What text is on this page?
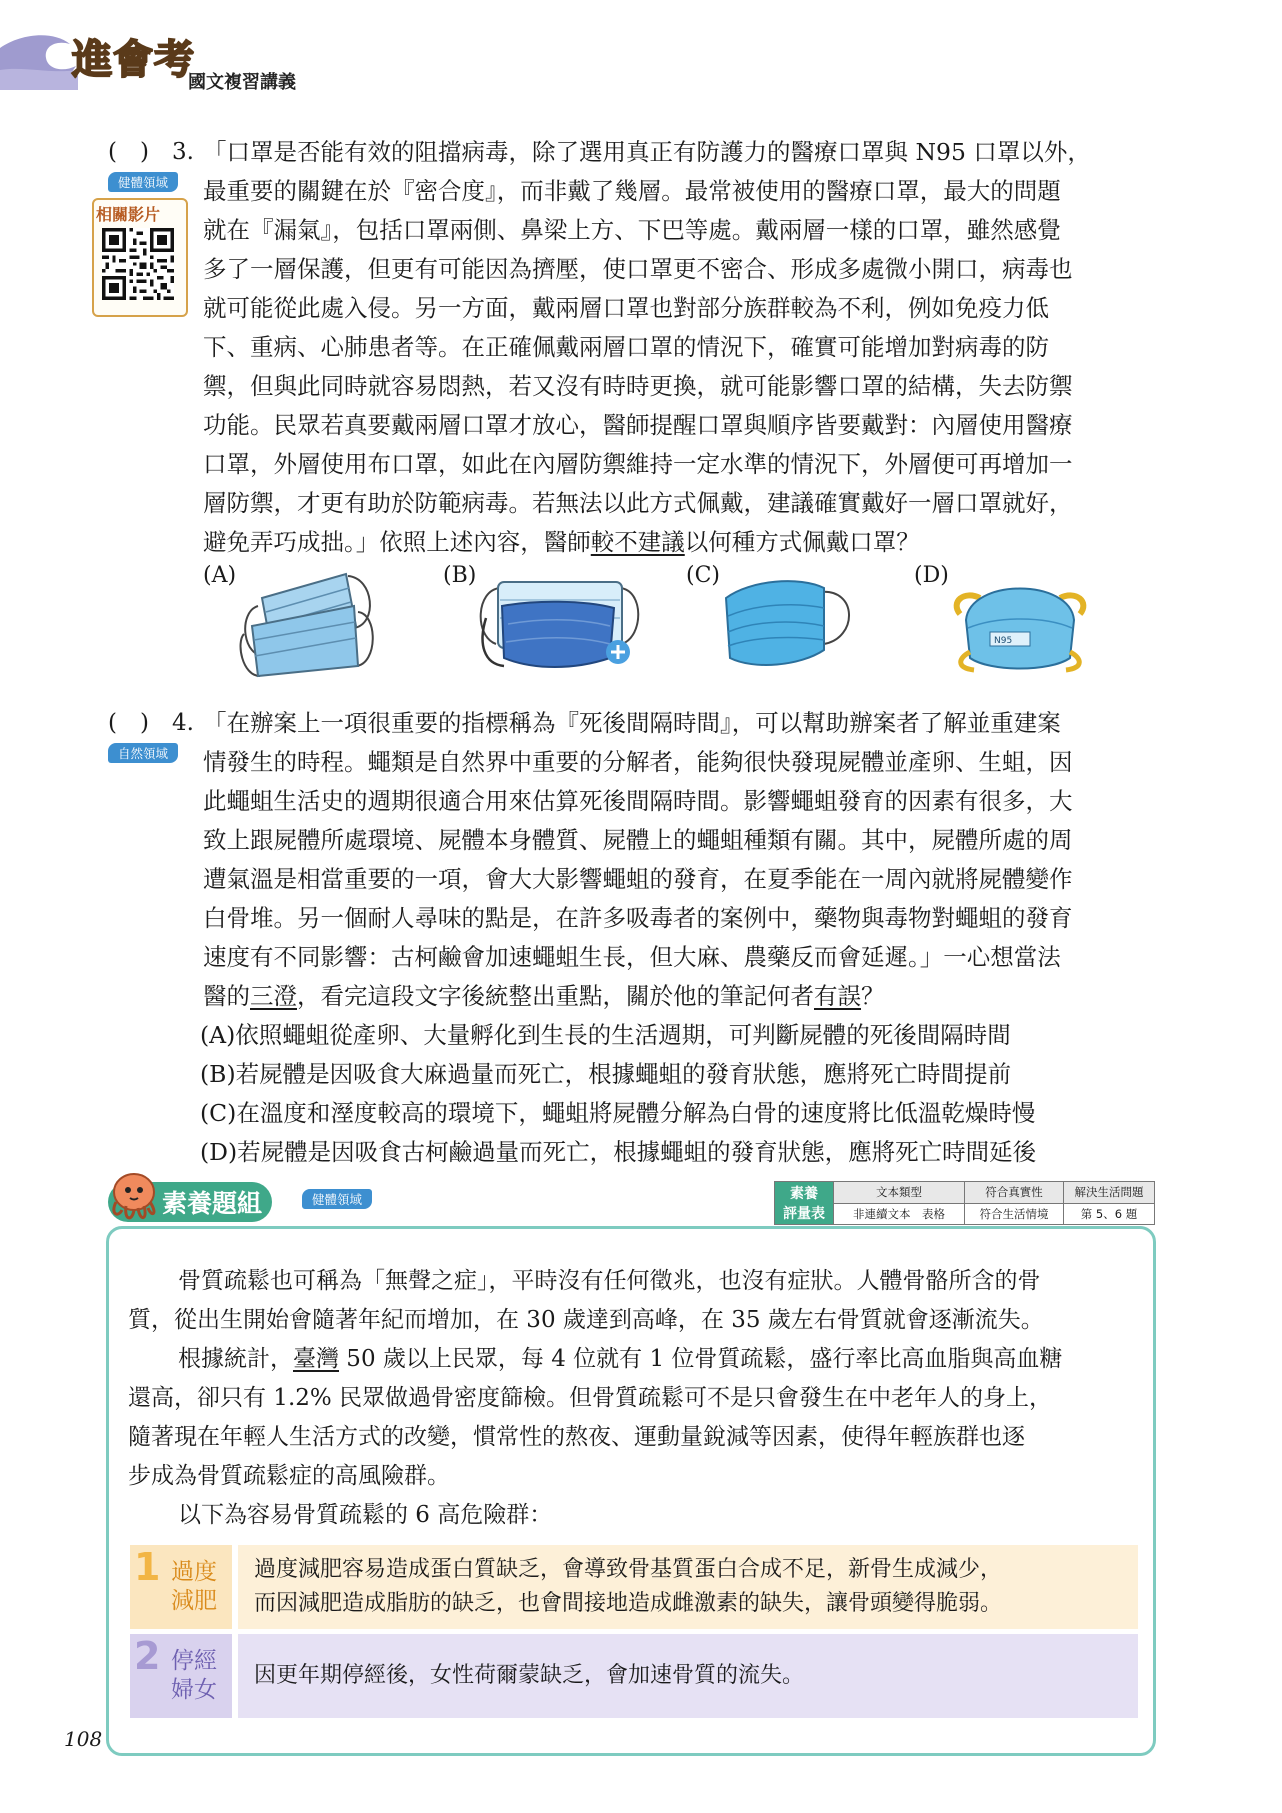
進會考
國文複習講義
(　) 3.
健體領域
相關影片
「口罩是否能有效的阻擋病毒，除了選用真正有防護力的醫療口罩與 N95 口罩以外，
最重要的關鍵在於『密合度』，而非戴了幾層。最常被使用的醫療口罩，最大的問題
就在『漏氣』，包括口罩兩側、鼻梁上方、下巴等處。戴兩層一樣的口罩，雖然感覺
多了一層保護，但更有可能因為擠壓，使口罩更不密合、形成多處微小開口，病毒也
就可能從此處入侵。另一方面，戴兩層口罩也對部分族群較為不利，例如免疫力低
下、重病、心肺患者等。在正確佩戴兩層口罩的情況下，確實可能增加對病毒的防
禦，但與此同時就容易悶熱，若又沒有時時更換，就可能影響口罩的結構，失去防禦
功能。民眾若真要戴兩層口罩才放心，醫師提醒口罩與順序皆要戴對：內層使用醫療
口罩，外層使用布口罩，如此在內層防禦維持一定水準的情況下，外層便可再增加一
層防禦，才更有助於防範病毒。若無法以此方式佩戴，建議確實戴好一層口罩就好，
避免弄巧成拙。」依照上述內容，醫師較不建議以何種方式佩戴口罩？
(A)	(B)	(C)	(D)
N95
(　) 4.
自然領域
「在辦案上一項很重要的指標稱為『死後間隔時間』，可以幫助辦案者了解並重建案
情發生的時程。蠅類是自然界中重要的分解者，能夠很快發現屍體並產卵、生蛆，因
此蠅蛆生活史的週期很適合用來估算死後間隔時間。影響蠅蛆發育的因素有很多，大
致上跟屍體所處環境、屍體本身體質、屍體上的蠅蛆種類有關。其中，屍體所處的周
遭氣溫是相當重要的一項，會大大影響蠅蛆的發育，在夏季能在一周內就將屍體變作
白骨堆。另一個耐人尋味的點是，在許多吸毒者的案例中，藥物與毒物對蠅蛆的發育
速度有不同影響：古柯鹼會加速蠅蛆生長，但大麻、農藥反而會延遲。」一心想當法
醫的三澄，看完這段文字後統整出重點，關於他的筆記何者有誤？
(A)依照蠅蛆從產卵、大量孵化到生長的生活週期，可判斷屍體的死後間隔時間
(B)若屍體是因吸食大麻過量而死亡，根據蠅蛆的發育狀態，應將死亡時間提前
(C)在溫度和溼度較高的環境下，蠅蛆將屍體分解為白骨的速度將比低溫乾燥時慢
(D)若屍體是因吸食古柯鹼過量而死亡，根據蠅蛆的發育狀態，應將死亡時間延後
素養題組	健體領域	素養
評量表	文本類型	符合真實性	解決生活問題
	非連續文本　表格	符合生活情境	第 5、6 題
骨質疏鬆也可稱為「無聲之症」，平時沒有任何徵兆，也沒有症狀。人體骨骼所含的骨
質，從出生開始會隨著年紀而增加，在 30 歲達到高峰，在 35 歲左右骨質就會逐漸流失。
根據統計，臺灣 50 歲以上民眾，每 4 位就有 1 位骨質疏鬆，盛行率比高血脂與高血糖
還高，卻只有 1.2% 民眾做過骨密度篩檢。但骨質疏鬆可不是只會發生在中老年人的身上，
隨著現在年輕人生活方式的改變，慣常性的熬夜、運動量銳減等因素，使得年輕族群也逐
步成為骨質疏鬆症的高風險群。
以下為容易骨質疏鬆的 6 高危險群：
1 過度
減肥
過度減肥容易造成蛋白質缺乏，會導致骨基質蛋白合成不足，新骨生成減少，
而因減肥造成脂肪的缺乏，也會間接地造成雌激素的缺失，讓骨頭變得脆弱。
2 停經
婦女
因更年期停經後，女性荷爾蒙缺乏，會加速骨質的流失。
108
